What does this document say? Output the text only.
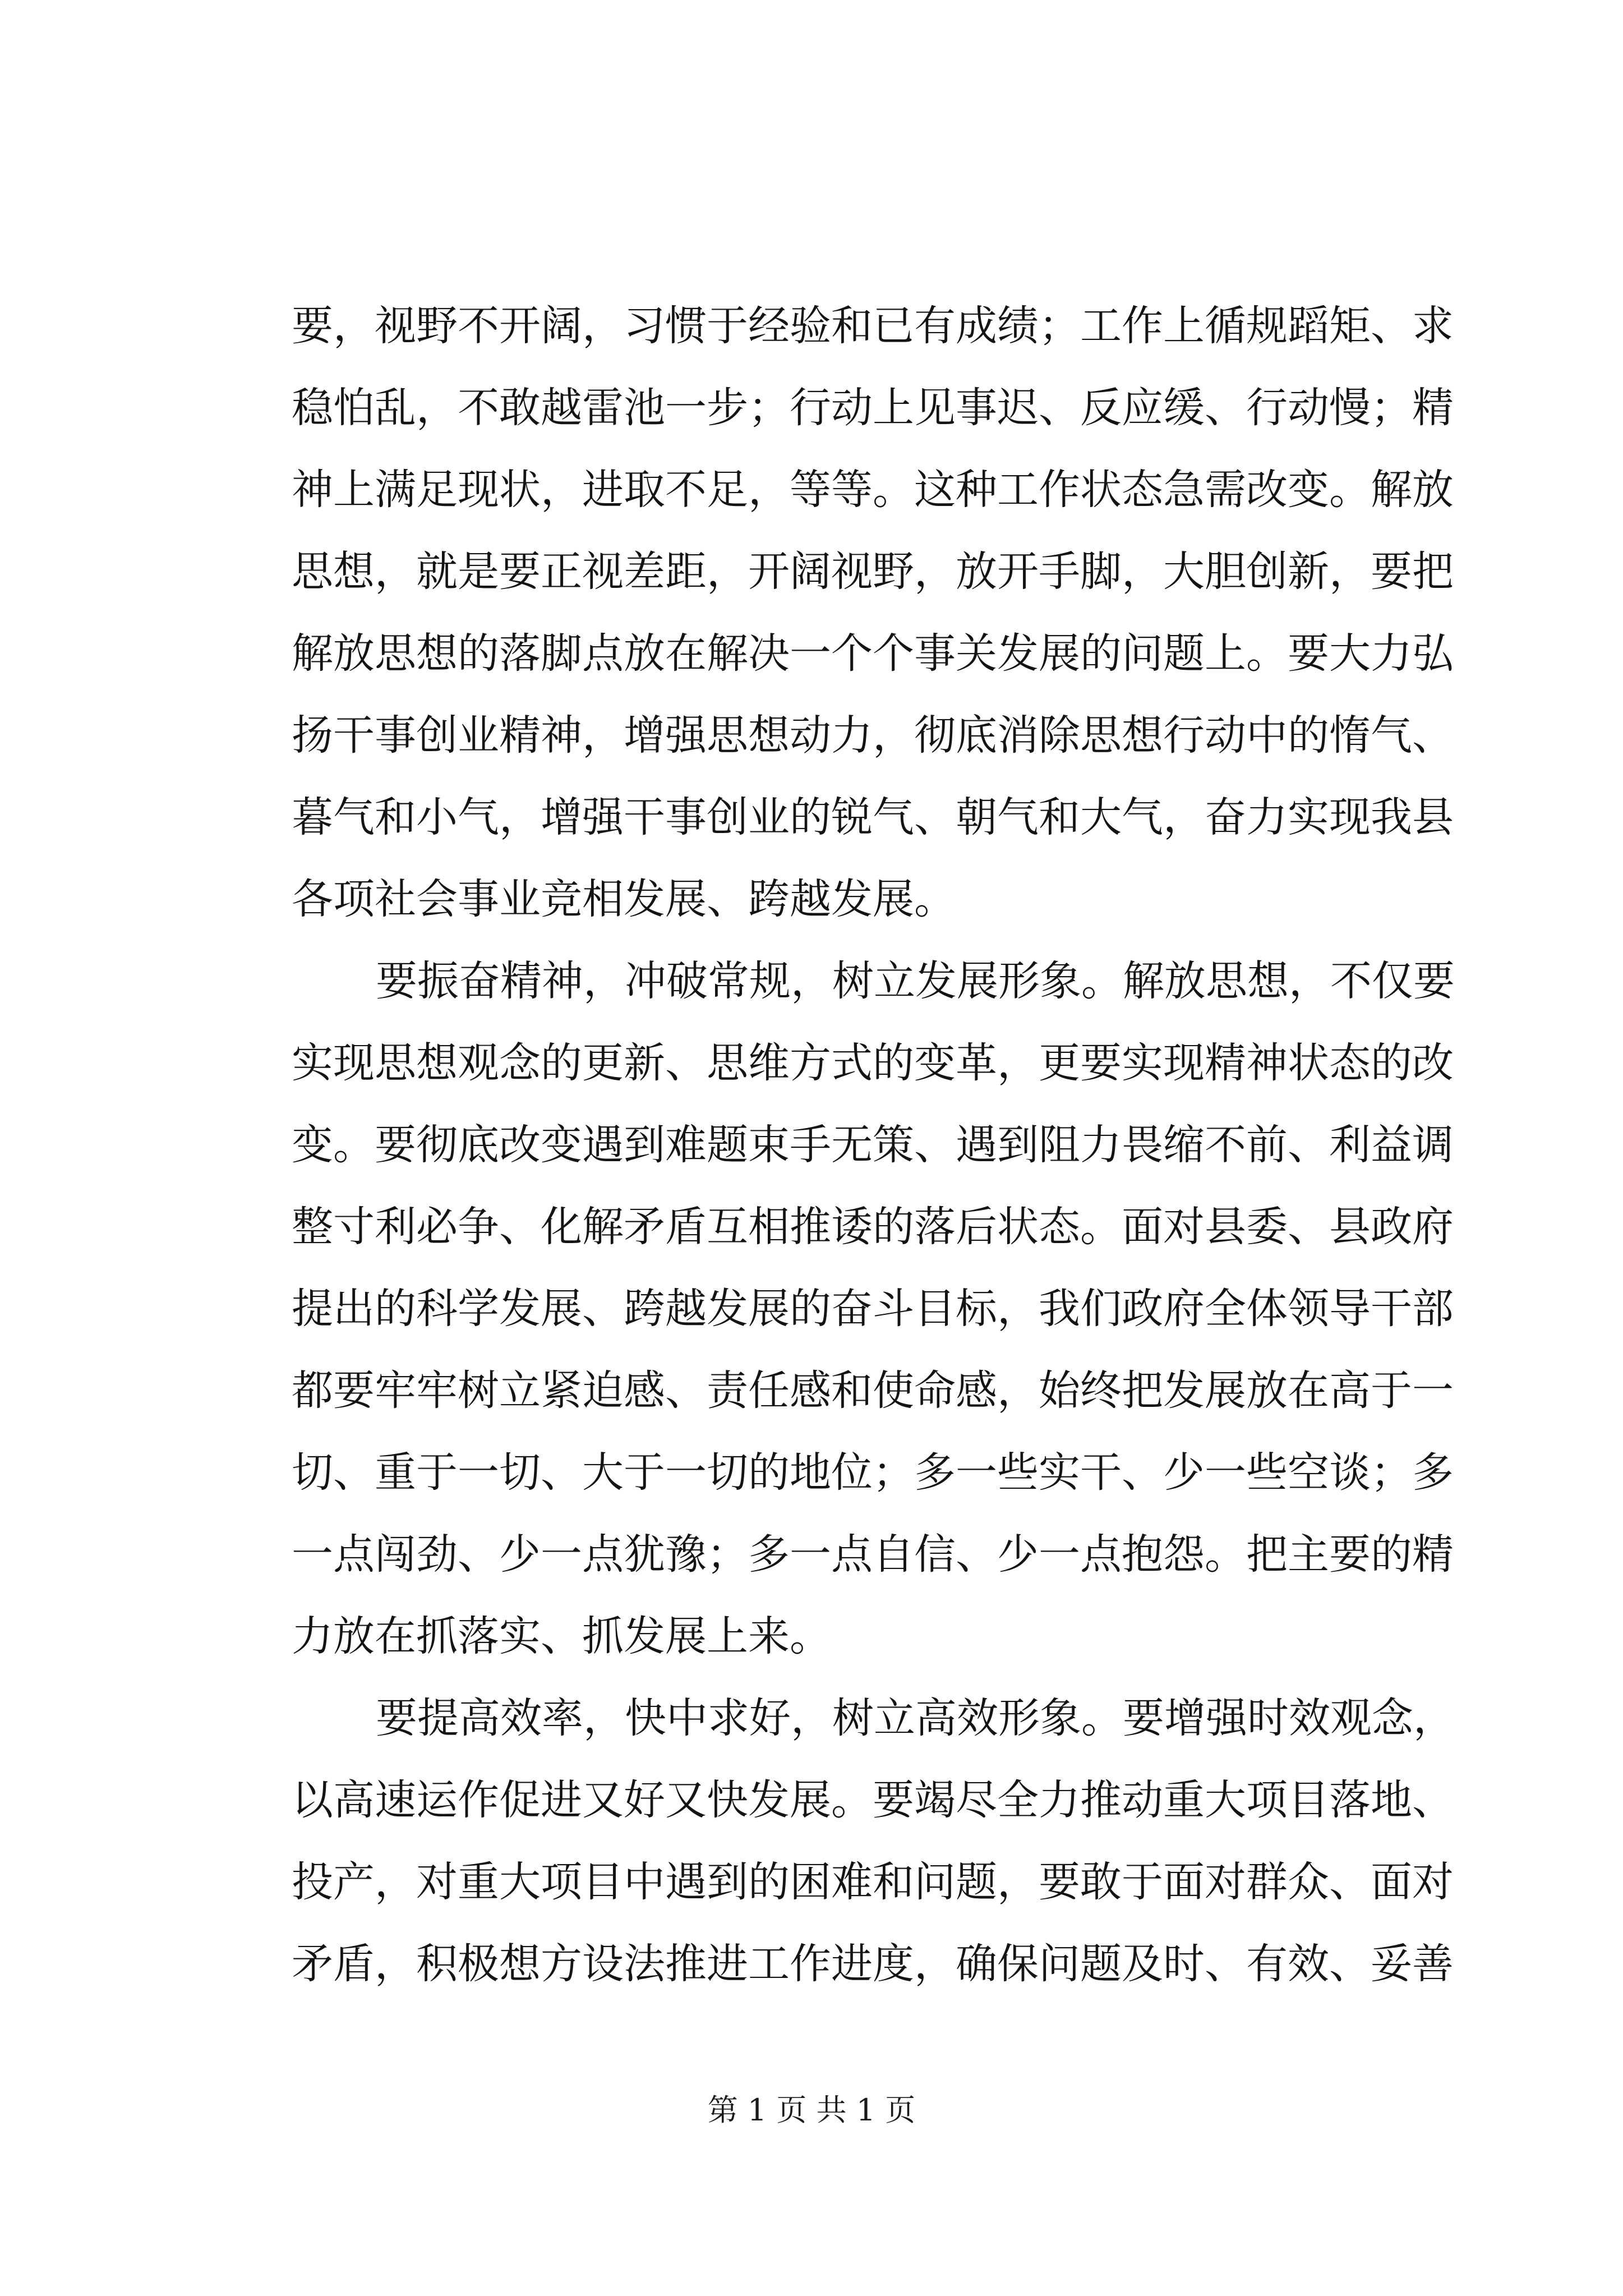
要，视野不开阔，习惯于经验和已有成绩；工作上循规蹈矩、求
稳怕乱，不敢越雷池一步；行动上见事迟、反应缓、行动慢；精
神上满足现状，进取不足，等等。这种工作状态急需改变。解放
思想，就是要正视差距，开阔视野，放开手脚，大胆创新，要把
解放思想的落脚点放在解决一个个事关发展的问题上。要大力弘
扬干事创业精神，增强思想动力，彻底消除思想行动中的惰气、
暮气和小气，增强干事创业的锐气、朝气和大气，奋力实现我县
各项社会事业竞相发展、跨越发展。
要振奋精神，冲破常规，树立发展形象。解放思想，不仅要
实现思想观念的更新、思维方式的变革，更要实现精神状态的改
变。要彻底改变遇到难题束手无策、遇到阻力畏缩不前、利益调
整寸利必争、化解矛盾互相推诿的落后状态。面对县委、县政府
提出的科学发展、跨越发展的奋斗目标，我们政府全体领导干部
都要牢牢树立紧迫感、责任感和使命感，始终把发展放在高于一
切、重于一切、大于一切的地位；多一些实干、少一些空谈；多
一点闯劲、少一点犹豫；多一点自信、少一点抱怨。把主要的精
力放在抓落实、抓发展上来。
要提高效率，快中求好，树立高效形象。要增强时效观念，
以高速运作促进又好又快发展。要竭尽全力推动重大项目落地、
投产，对重大项目中遇到的困难和问题，要敢于面对群众、面对
矛盾，积极想方设法推进工作进度，确保问题及时、有效、妥善
第 1 页 共 1 页
